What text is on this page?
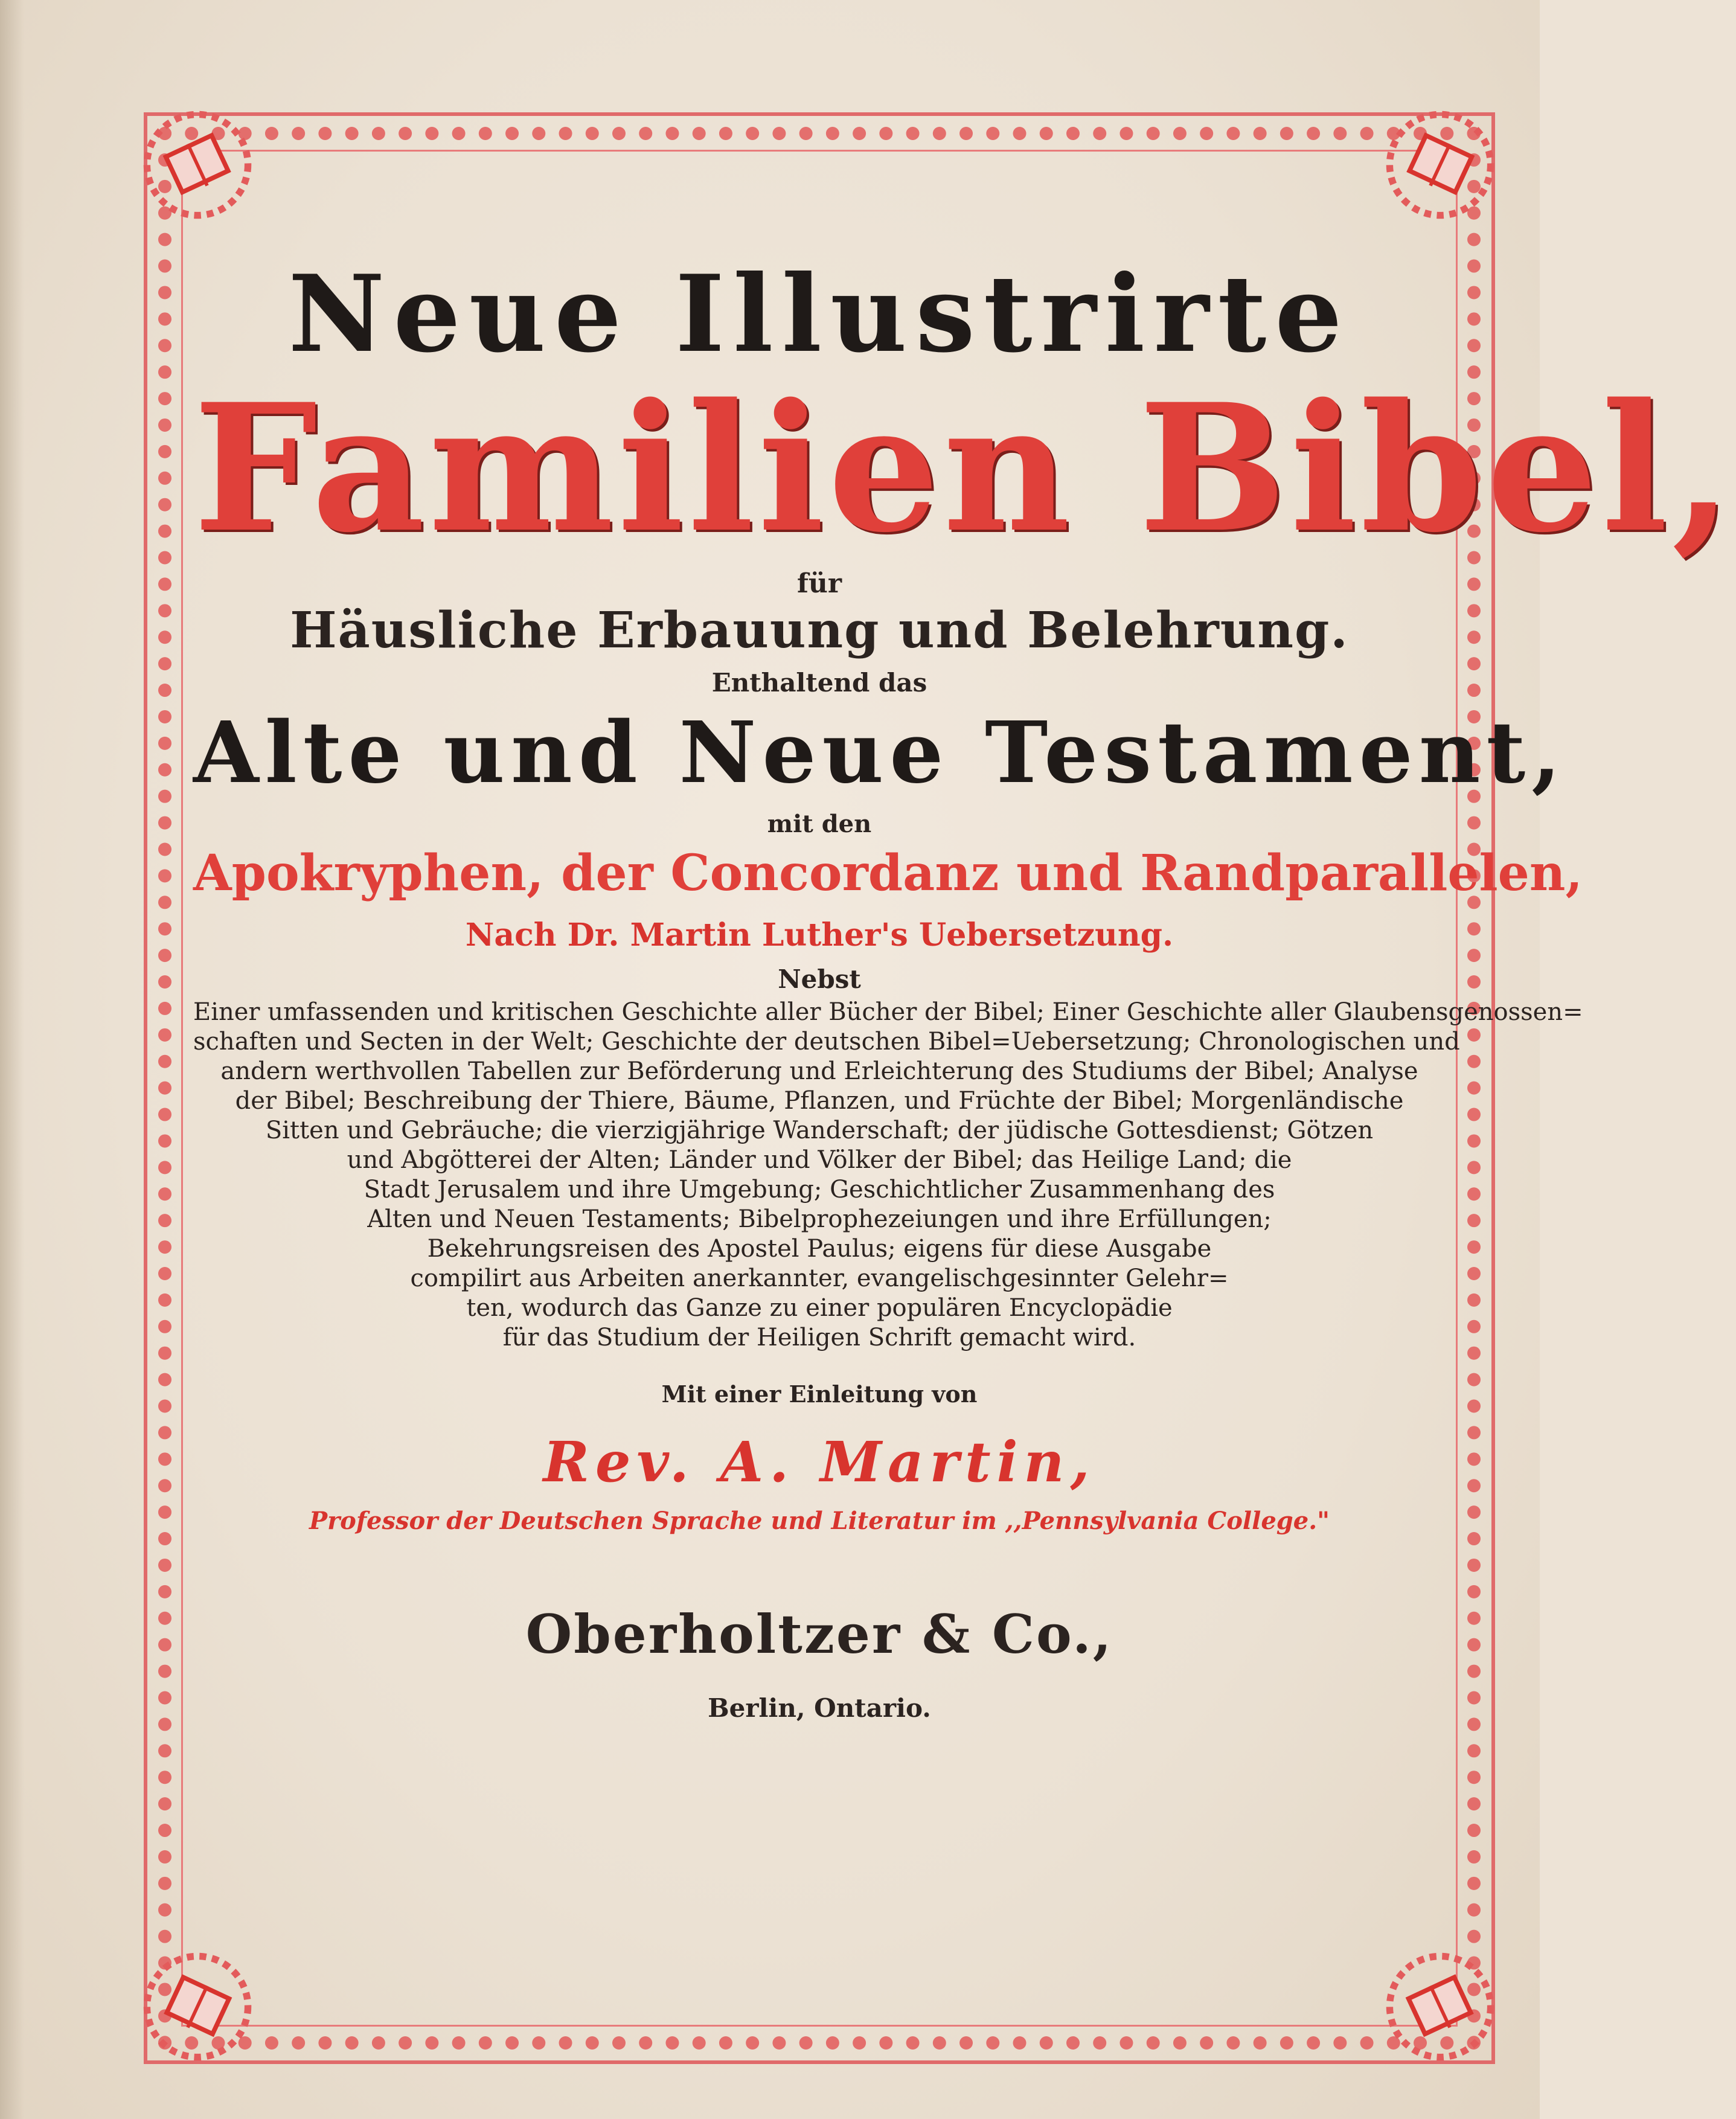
Neue Illustrirte
Familien Bibel,
für
Häusliche Erbauung und Belehrung.
Enthaltend das
Alte und Neue Testament,
mit den
Apokryphen, der Concordanz und Randparallelen,
Nach Dr. Martin Luther's Uebersetzung.
Nebst
Einer umfassenden und kritischen Geschichte aller Bücher der Bibel; Einer Geschichte aller Glaubensgenossen=
schaften und Secten in der Welt; Geschichte der deutschen Bibel=Uebersetzung; Chronologischen und
andern werthvollen Tabellen zur Beförderung und Erleichterung des Studiums der Bibel; Analyse
der Bibel; Beschreibung der Thiere, Bäume, Pflanzen, und Früchte der Bibel; Morgenländische
Sitten und Gebräuche; die vierzigjährige Wanderschaft; der jüdische Gottesdienst; Götzen
und Abgötterei der Alten; Länder und Völker der Bibel; das Heilige Land; die
Stadt Jerusalem und ihre Umgebung; Geschichtlicher Zusammenhang des
Alten und Neuen Testaments; Bibelprophezeiungen und ihre Erfüllungen;
Bekehrungsreisen des Apostel Paulus; eigens für diese Ausgabe
compilirt aus Arbeiten anerkannter, evangelischgesinnter Gelehr=
ten, wodurch das Ganze zu einer populären Encyclopädie
für das Studium der Heiligen Schrift gemacht wird.
Mit einer Einleitung von
Rev. A. Martin,
Professor der Deutschen Sprache und Literatur im ,,Pennsylvania College."
Oberholtzer & Co.,
Berlin, Ontario.
